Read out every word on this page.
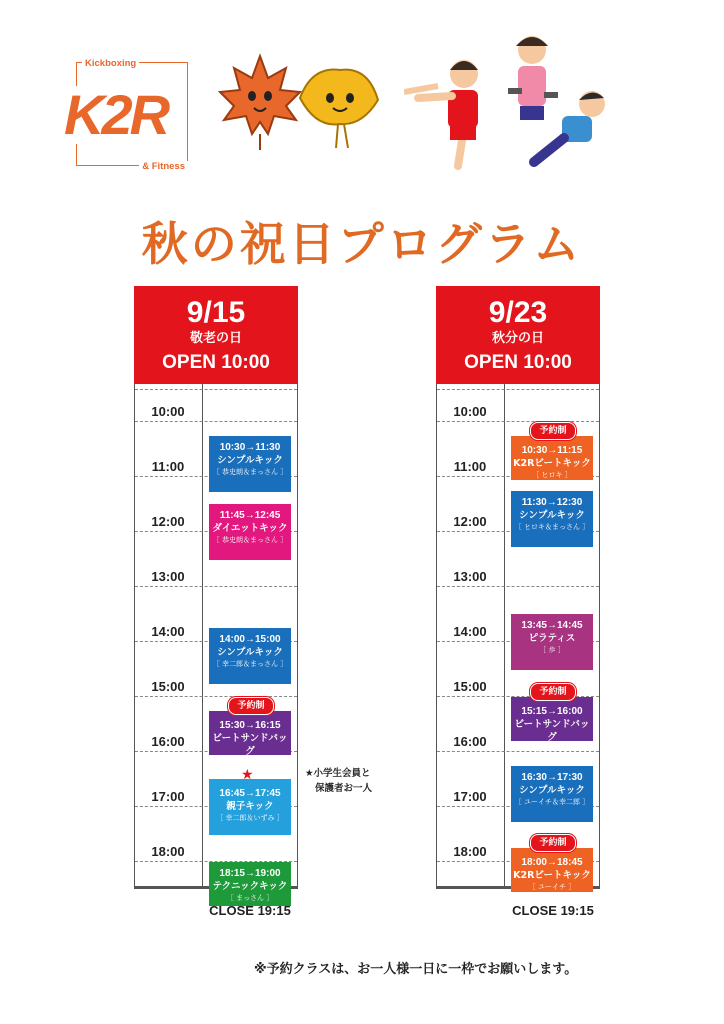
Kickboxing
K2R
& Fitness
秋の祝日プログラム
9/15
敬老の日
OPEN 10:00
10:00
11:00
12:00
13:00
14:00
15:00
16:00
17:00
18:00
10:30→11:30
シンプルキック
［ 恭史朗＆まっさん ］
11:45→12:45
ダイエットキック
［ 恭史朗＆まっさん ］
14:00→15:00
シンプルキック
［ 幸二郎＆まっさん ］
15:30→16:15
ビートサンドバッグ
［ 幸二郎 ］
予約制
16:45→17:45
親子キック
［ 幸二郎＆いずみ ］
★
18:15→19:00
テクニックキック
［ まっさん ］
CLOSE 19:15
9/23
秋分の日
OPEN 10:00
10:00
11:00
12:00
13:00
14:00
15:00
16:00
17:00
18:00
10:30→11:15
K2Rビートキック
［ ヒロキ ］
予約制
11:30→12:30
シンプルキック
［ ヒロキ＆まっさん ］
13:45→14:45
ピラティス
［ 歩 ］
15:15→16:00
ビートサンドバッグ
［ ヒロキ ］
予約制
16:30→17:30
シンプルキック
［ ユーイチ＆幸二郎 ］
18:00→18:45
K2Rビートキック
［ ユーイチ ］
予約制
CLOSE 19:15
★小学生会員と
保護者お一人
※予約クラスは、お一人様一日に一枠でお願いします。
